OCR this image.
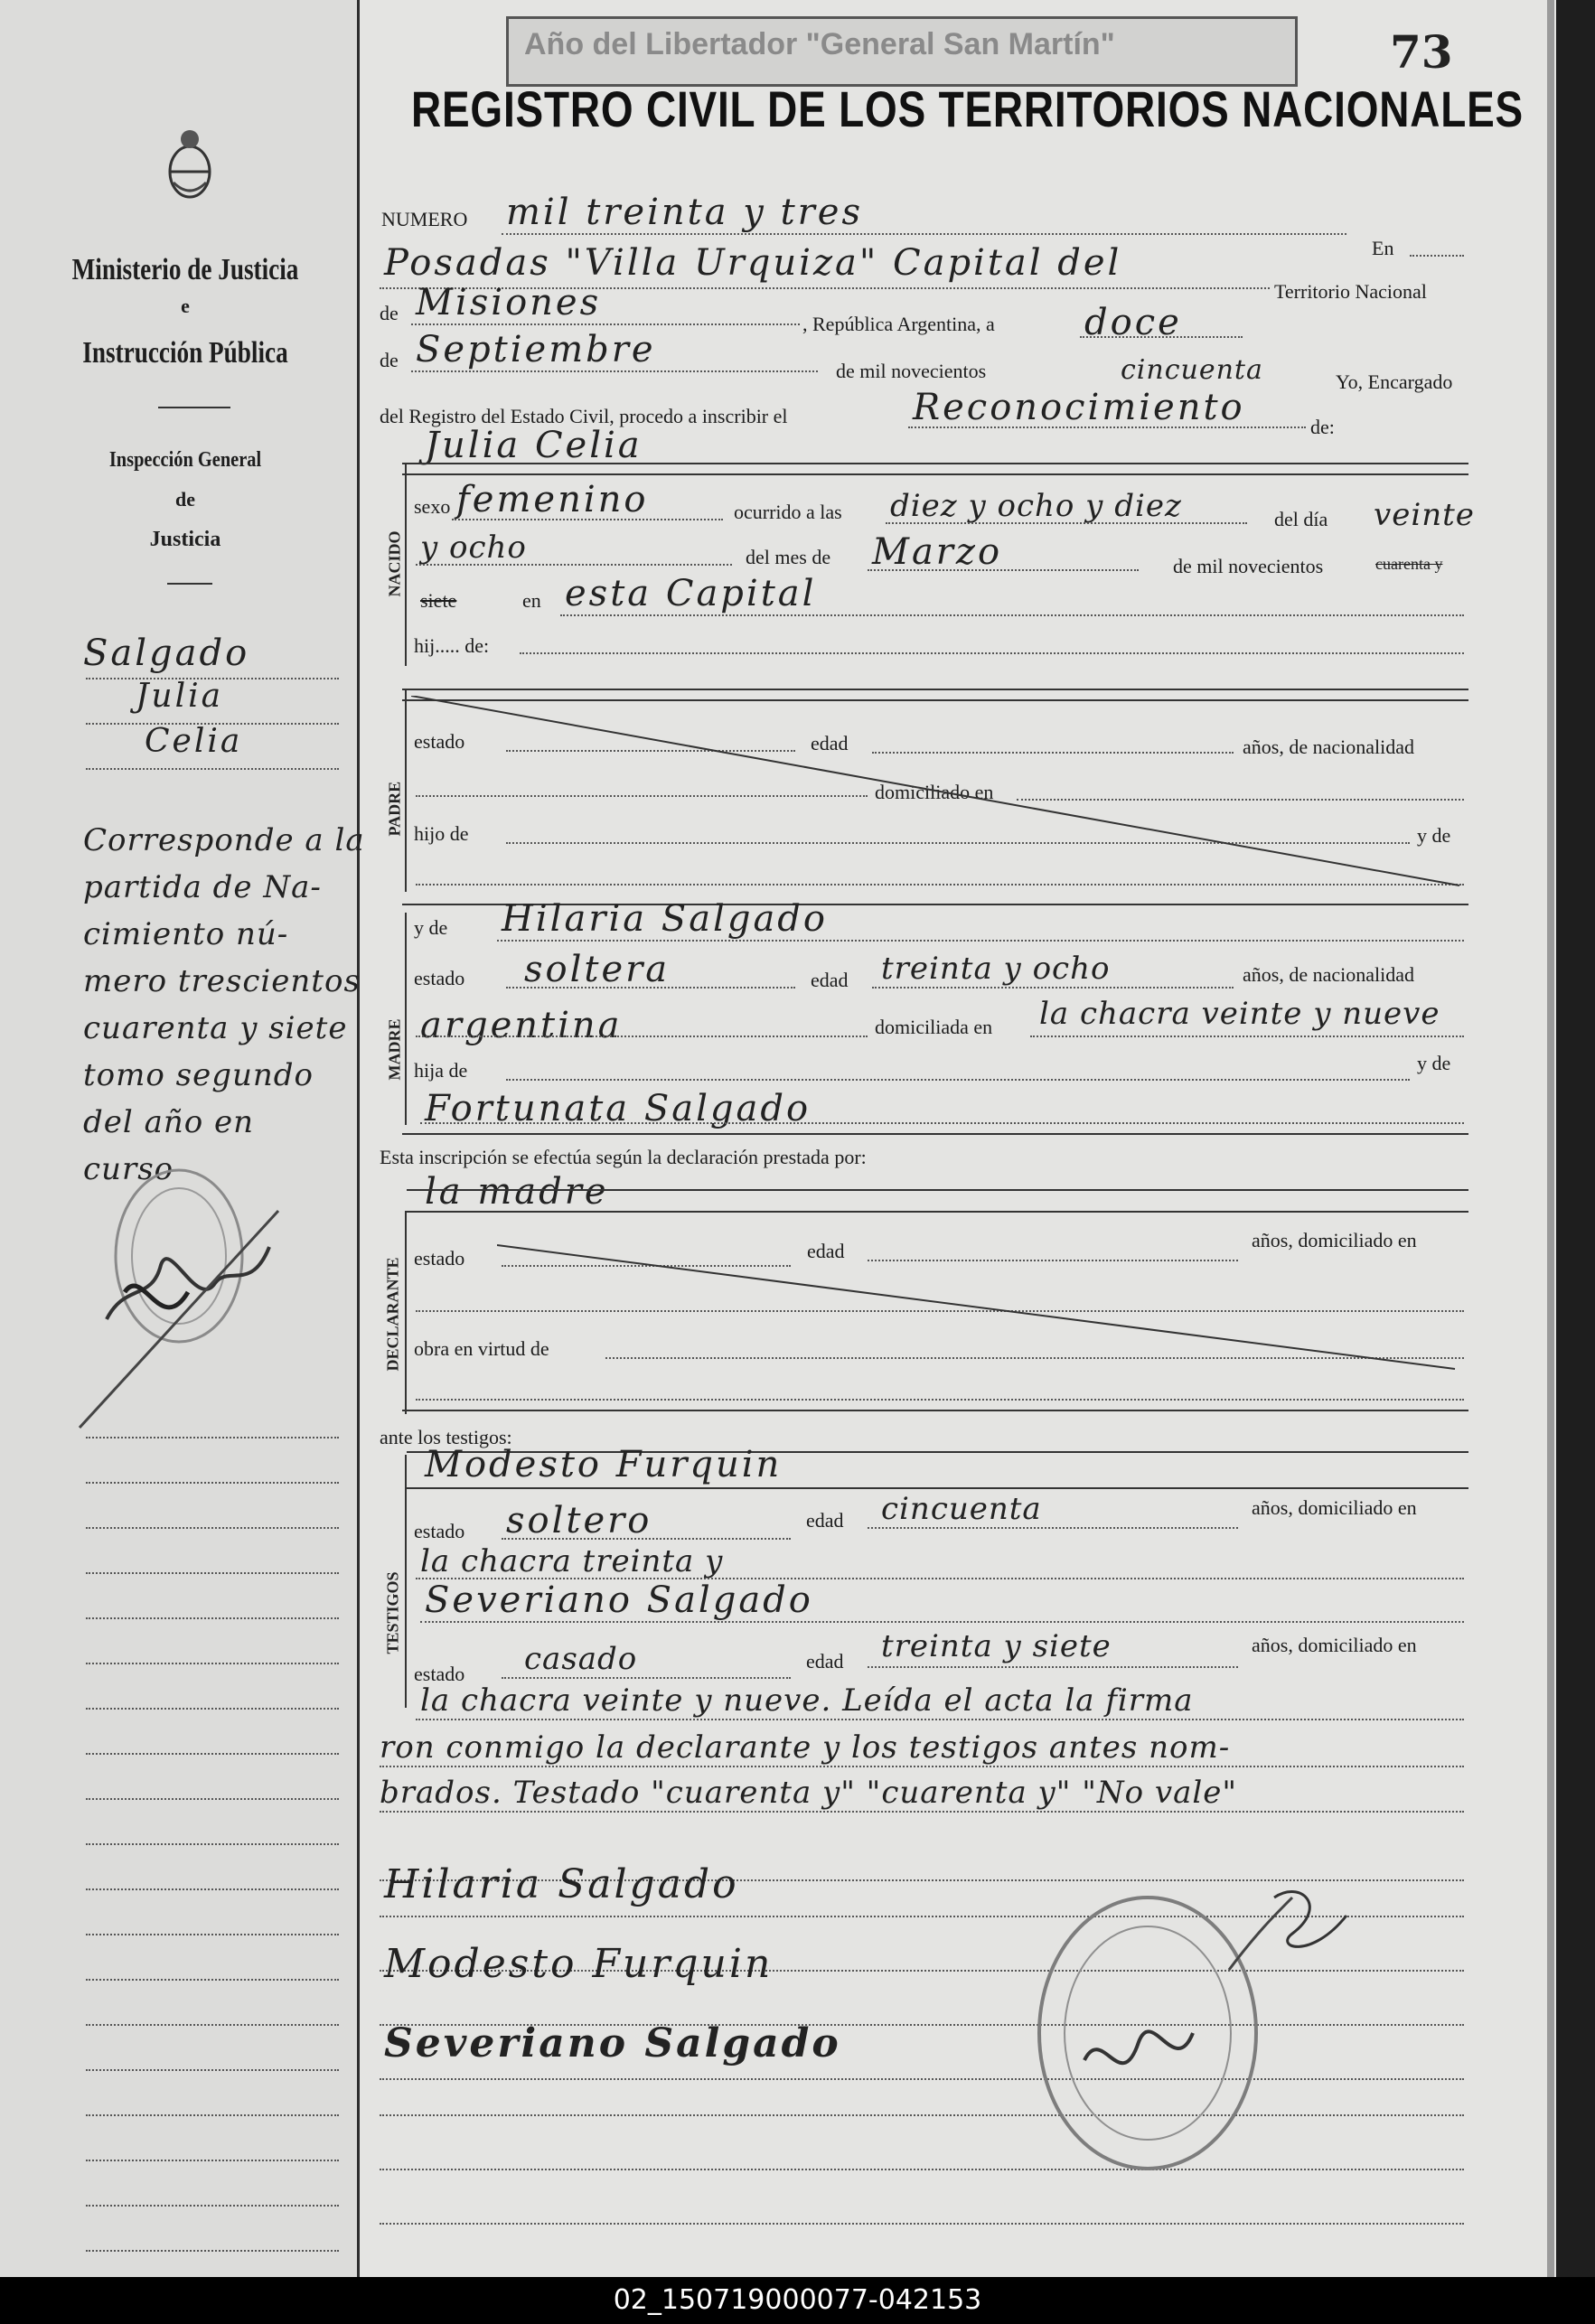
Ministerio de Justicia
e
Instrucción Pública
Inspección General
de
Justicia
Salgado
Julia
Celia
Corresponde a la
partida de Na-
cimiento nú-
mero trescientos
cuarenta y siete
tomo segundo
del año en
curso
Año del Libertador "General San Martín"	73
REGISTRO CIVIL DE LOS TERRITORIOS NACIONALES
NUMERO mil treinta y tres
En
Posadas "Villa Urquiza" Capital del
Territorio Nacional
de Misiones
, República Argentina, a doce
de Septiembre
de mil novecientos	cincuenta	Yo, Encargado
del Registro del Estado Civil, procedo a inscribir el	Reconocimiento	de:
Julia Celia
NACIDO
sexo femenino	ocurrido a las diez y ocho y diez	del día veinte
y ocho	del mes de Marzo	de mil novecientos	cuarenta y
siete	en esta Capital
hij..... de:
PADRE
estado	edad	años, de nacionalidad
domiciliado en
hijo de	y de
MADRE
y de Hilaria Salgado
estado soltera	edad treinta y ocho	años, de nacionalidad
argentina	domiciliada en la chacra veinte y nueve
hija de	y de
Fortunata Salgado
Esta inscripción se efectúa según la declaración prestada por:
la madre
DECLARANTE estado	edad	años, domiciliado en
obra en virtud de
ante los testigos:
TESTIGOS
Modesto Furquin
estado soltero	edad cincuenta	años, domiciliado en
la chacra treinta y
Severiano Salgado
estado casado	edad treinta y siete	años, domiciliado en
la chacra veinte y nueve. Leída el acta la firma
ron conmigo la declarante y los testigos antes nom-
brados. Testado "cuarenta y" "cuarenta y" "No vale"
Hilaria Salgado
Modesto Furquin
Severiano Salgado
02_150719000077-042153
